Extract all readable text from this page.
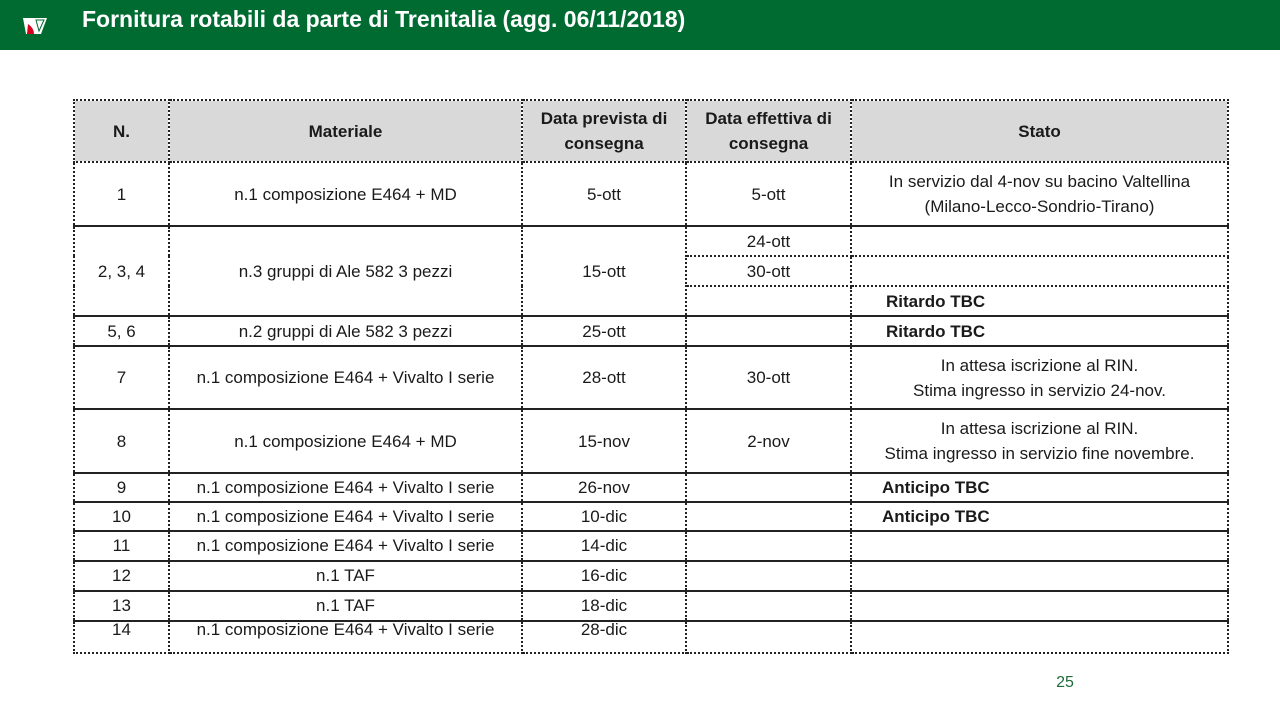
Fornitura rotabili da parte di Trenitalia (agg. 06/11/2018)
N.	Materiale	Data prevista di consegna	Data effettiva di consegna	Stato
1	n.1 composizione E464 + MD	5-ott	5-ott	In servizio dal 4-nov su bacino Valtellina
(Milano-Lecco-Sondrio-Tirano)

2, 3, 4	n.3 gruppi di Ale 582 3 pezzi	15-ott	24-ott	
			30-ott	
				Ritardo TBC
5, 6	n.2 gruppi di Ale 582 3 pezzi	25-ott		Ritardo TBC
7	n.1 composizione E464 + Vivalto I serie	28-ott	30-ott	In attesa iscrizione al RIN.
Stima ingresso in servizio 24-nov.

8	n.1 composizione E464 + MD	15-nov	2-nov	In attesa iscrizione al RIN.
Stima ingresso in servizio fine novembre.

9	n.1 composizione E464 + Vivalto I serie	26-nov		Anticipo TBC
10	n.1 composizione E464 + Vivalto I serie	10-dic		Anticipo TBC
11	n.1 composizione E464 + Vivalto I serie	14-dic		
12	n.1 TAF	16-dic		
13	n.1 TAF	18-dic		
14	n.1 composizione E464 + Vivalto I serie	28-dic		
25
